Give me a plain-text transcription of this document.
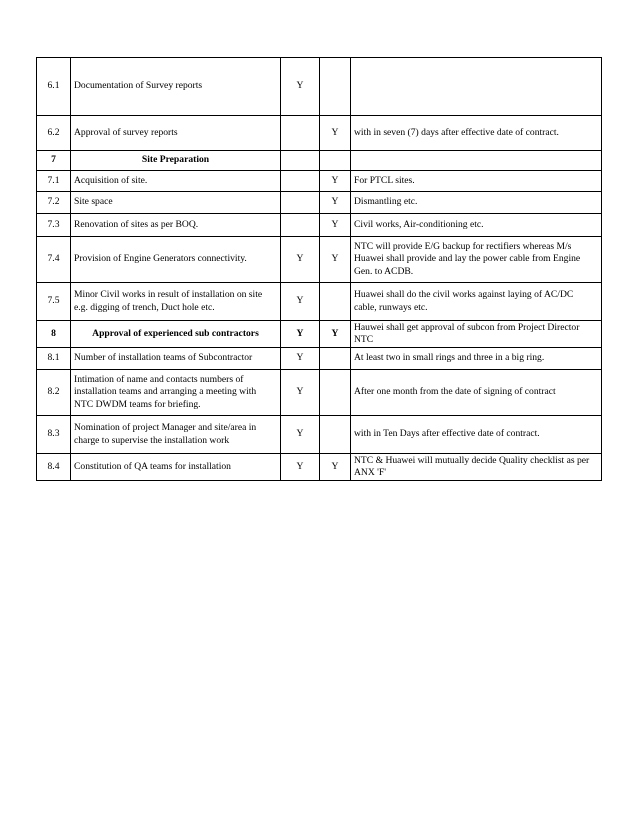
6.1	Documentation of Survey reports	Y		
6.2	Approval of survey reports		Y	with in seven (7) days after effective date of contract.
7	Site Preparation			
7.1	Acquisition of site.		Y	For PTCL sites.
7.2	Site space		Y	Dismantling etc.
7.3	Renovation of sites as per BOQ.		Y	Civil works, Air-conditioning etc.
7.4	Provision of Engine Generators connectivity.	Y	Y	NTC will provide E/G backup for rectifiers whereas M/s Huawei shall provide and lay the power cable from Engine Gen. to ACDB.
7.5	Minor Civil works in result of installation on site e.g. digging of trench, Duct hole etc.	Y		Huawei shall do the civil works against laying of AC/DC cable, runways etc.
8	Approval of experienced sub contractors	Y	Y	Hauwei shall get approval of subcon from Project Director NTC
8.1	Number of installation teams of Subcontractor	Y		At least two in small rings and three in a big ring.
8.2	Intimation of name and contacts numbers of installation teams and arranging a meeting with NTC DWDM teams for briefing.	Y		After one month from the date of signing of contract
8.3	Nomination of project Manager and site/area in charge to supervise the installation work	Y		with in Ten Days after effective date of contract.
8.4	Constitution of QA teams for installation	Y	Y	NTC & Huawei will mutually decide Quality checklist as per ANX 'F'
